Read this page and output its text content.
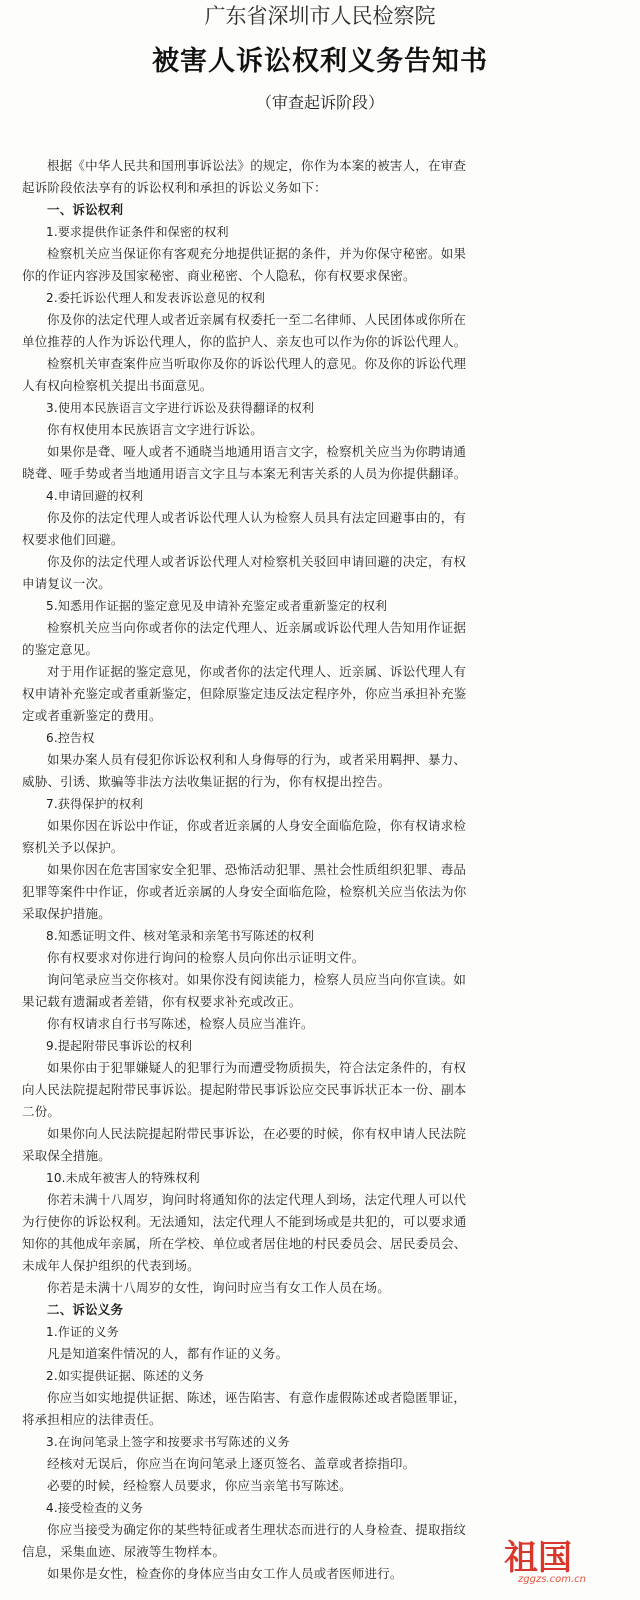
广东省深圳市人民检察院
被害人诉讼权利义务告知书
（审查起诉阶段）

根据《中华人民共和国刑事诉讼法》的规定，你作为本案的被害人，在审查

起诉阶段依法享有的诉讼权利和承担的诉讼义务如下：

一、诉讼权利

1.要求提供作证条件和保密的权利

检察机关应当保证你有客观充分地提供证据的条件，并为你保守秘密。如果

你的作证内容涉及国家秘密、商业秘密、个人隐私，你有权要求保密。

2.委托诉讼代理人和发表诉讼意见的权利

你及你的法定代理人或者近亲属有权委托一至二名律师、人民团体或你所在

单位推荐的人作为诉讼代理人，你的监护人、亲友也可以作为你的诉讼代理人。

检察机关审查案件应当听取你及你的诉讼代理人的意见。你及你的诉讼代理

人有权向检察机关提出书面意见。

3.使用本民族语言文字进行诉讼及获得翻译的权利

你有权使用本民族语言文字进行诉讼。

如果你是聋、哑人或者不通晓当地通用语言文字，检察机关应当为你聘请通

晓聋、哑手势或者当地通用语言文字且与本案无利害关系的人员为你提供翻译。

4.申请回避的权利

你及你的法定代理人或者诉讼代理人认为检察人员具有法定回避事由的，有

权要求他们回避。

你及你的法定代理人或者诉讼代理人对检察机关驳回申请回避的决定，有权

申请复议一次。

5.知悉用作证据的鉴定意见及申请补充鉴定或者重新鉴定的权利

检察机关应当向你或者你的法定代理人、近亲属或诉讼代理人告知用作证据

的鉴定意见。

对于用作证据的鉴定意见，你或者你的法定代理人、近亲属、诉讼代理人有

权申请补充鉴定或者重新鉴定，但除原鉴定违反法定程序外，你应当承担补充鉴

定或者重新鉴定的费用。

6.控告权

如果办案人员有侵犯你诉讼权利和人身侮辱的行为，或者采用羁押、暴力、

威胁、引诱、欺骗等非法方法收集证据的行为，你有权提出控告。

7.获得保护的权利

如果你因在诉讼中作证，你或者近亲属的人身安全面临危险，你有权请求检

察机关予以保护。

如果你因在危害国家安全犯罪、恐怖活动犯罪、黑社会性质组织犯罪、毒品

犯罪等案件中作证，你或者近亲属的人身安全面临危险，检察机关应当依法为你

采取保护措施。

8.知悉证明文件、核对笔录和亲笔书写陈述的权利

你有权要求对你进行询问的检察人员向你出示证明文件。

询问笔录应当交你核对。如果你没有阅读能力，检察人员应当向你宣读。如

果记载有遗漏或者差错，你有权要求补充或改正。

你有权请求自行书写陈述，检察人员应当准许。

9.提起附带民事诉讼的权利

如果你由于犯罪嫌疑人的犯罪行为而遭受物质损失，符合法定条件的，有权

向人民法院提起附带民事诉讼。提起附带民事诉讼应交民事诉状正本一份、副本

二份。

如果你向人民法院提起附带民事诉讼，在必要的时候，你有权申请人民法院

采取保全措施。

10.未成年被害人的特殊权利

你若未满十八周岁，询问时将通知你的法定代理人到场，法定代理人可以代

为行使你的诉讼权利。无法通知，法定代理人不能到场或是共犯的，可以要求通

知你的其他成年亲属，所在学校、单位或者居住地的村民委员会、居民委员会、

未成年人保护组织的代表到场。

你若是未满十八周岁的女性，询问时应当有女工作人员在场。

二、诉讼义务

1.作证的义务

凡是知道案件情况的人，都有作证的义务。

2.如实提供证据、陈述的义务

你应当如实地提供证据、陈述，诬告陷害、有意作虚假陈述或者隐匿罪证，

将承担相应的法律责任。

3.在询问笔录上签字和按要求书写陈述的义务

经核对无误后，你应当在询问笔录上逐页签名、盖章或者捺指印。

必要的时候，经检察人员要求，你应当亲笔书写陈述。

4.接受检查的义务

你应当接受为确定你的某些特征或者生理状态而进行的人身检查、提取指纹

信息，采集血迹、尿液等生物样本。

如果你是女性，检查你的身体应当由女工作人员或者医师进行。	祖国
zggzs.com.cn
